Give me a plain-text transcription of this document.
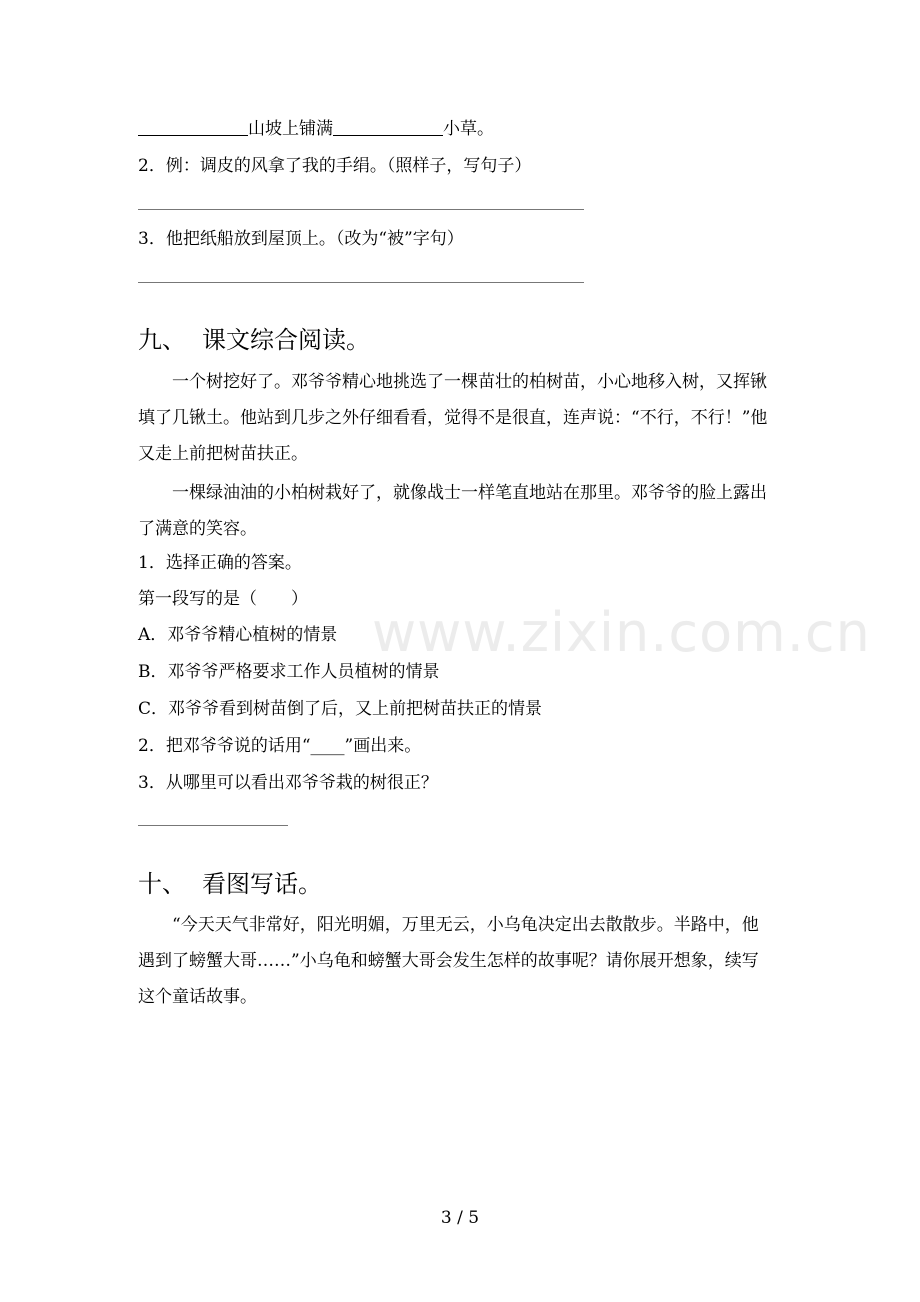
山坡上铺满	小草。
2．例：调皮的风拿了我的手绢。（照样子，写句子）
3．他把纸船放到屋顶上。（改为“被”字句）
九、 课文综合阅读。
一个树挖好了。邓爷爷精心地挑选了一棵苗壮的柏树苗，小心地移入树，又挥锹填了几锹土。他站到几步之外仔细看看，觉得不是很直，连声说：“不行，不行！”他又走上前把树苗扶正。
一棵绿油油的小柏树栽好了，就像战士一样笔直地站在那里。邓爷爷的脸上露出了满意的笑容。
1．选择正确的答案。
第一段写的是（　　）
A．邓爷爷精心植树的情景
B．邓爷爷严格要求工作人员植树的情景
C．邓爷爷看到树苗倒了后，又上前把树苗扶正的情景
2．把邓爷爷说的话用“____”画出来。
3．从哪里可以看出邓爷爷栽的树很正？
十、 看图写话。
“今天天气非常好，阳光明媚，万里无云，小乌龟决定出去散散步。半路中，他遇到了螃蟹大哥……”小乌龟和螃蟹大哥会发生怎样的故事呢？请你展开想象，续写这个童话故事。
www.zixin.com.cn
3 / 5
